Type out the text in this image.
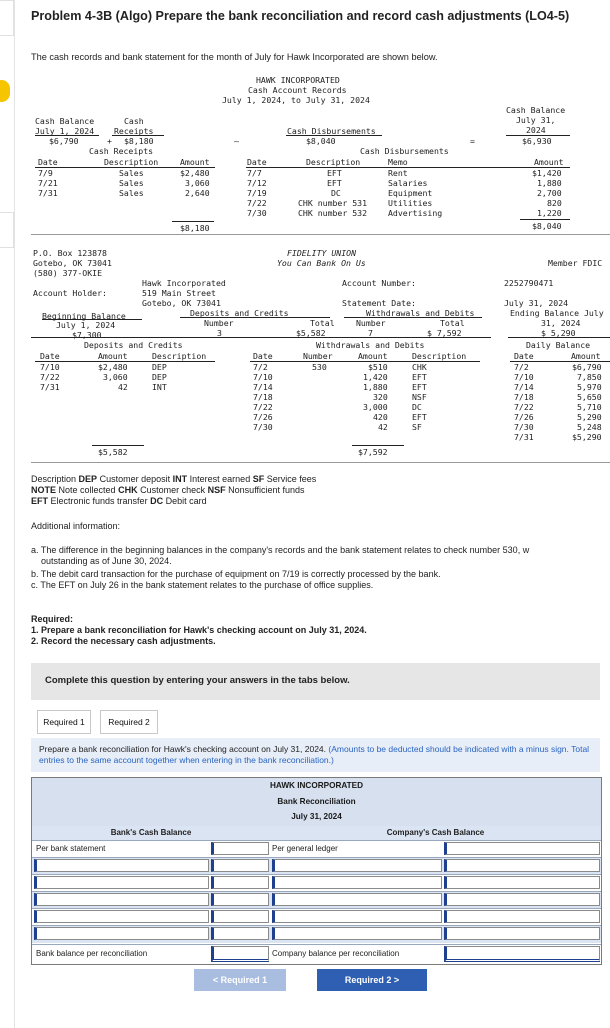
Problem 4-3B (Algo) Prepare the bank reconciliation and record cash adjustments (LO4-5)
The cash records and bank statement for the month of July for Hawk Incorporated are shown below.
HAWK INCORPORATED
Cash Account Records
July 1, 2024, to July 31, 2024
Cash Balance
July 1, 2024
$6,790
Cash
Receipts
+ $8,180	–
Cash Disbursements
$8,040	=
Cash Balance
July 31,
2024
$6,930
Cash Receipts	Cash Disbursements
Date	Description	Amount
7/9	Sales	$2,480
7/21	Sales	3,060
7/31	Sales	2,640
$8,180
Date	Description	Memo	Amount
7/7	EFT	Rent	$1,420
7/12	EFT	Salaries	1,880
7/19	DC	Equipment	2,700
7/22	CHK number 531	Utilities	820
7/30	CHK number 532	Advertising	1,220
$8,040
P.O. Box 123878
Gotebo, OK 73041
(580) 377-OKIE
FIDELITY UNION
You Can Bank On Us	Member FDIC
Account Holder:
Hawk Incorporated
519 Main Street
Gotebo, OK 73041
Account Number:	2252790471
Statement Date:	July 31, 2024
Beginning Balance
July 1, 2024
$7,300
Deposits and Credits
Number
3
Total
$5,582
Withdrawals and Debits
Number
7
Total
$ 7,592
Ending Balance July
31, 2024
$ 5,290
Deposits and Credits	Withdrawals and Debits	Daily Balance
Date	Amount	Description
7/10	$2,480	DEP
7/22	3,060	DEP
7/31	42	INT
$5,582
Date	Number	Amount	Description
7/2	530	$510	CHK
7/10	1,420	EFT
7/14	1,880	EFT
7/18	320	NSF
7/22	3,000	DC
7/26	420	EFT
7/30	42	SF
$7,592
Date	Amount
7/2	$6,790
7/10	7,850
7/14	5,970
7/18	5,650
7/22	5,710
7/26	5,290
7/30	5,248
7/31	$5,290
Description DEP Customer deposit INT Interest earned SF Service fees
NOTE Note collected CHK Customer check NSF Nonsufficient funds
EFT Electronic funds transfer DC Debit card
Additional information:
a. The difference in the beginning balances in the company's records and the bank statement relates to check number 530, w
outstanding as of June 30, 2024.
b. The debit card transaction for the purchase of equipment on 7/19 is correctly processed by the bank.
c. The EFT on July 26 in the bank statement relates to the purchase of office supplies.
Required:
1. Prepare a bank reconciliation for Hawk's checking account on July 31, 2024.
2. Record the necessary cash adjustments.
Complete this question by entering your answers in the tabs below.
Required 1	Required 2
Prepare a bank reconciliation for Hawk's checking account on July 31, 2024. (Amounts to be deducted should be indicated with a minus sign. Total entries to the same account together when entering in the bank reconciliation.)
HAWK INCORPORATED
Bank Reconciliation
July 31, 2024
Bank's Cash Balance	Company's Cash Balance
Per bank statement	Per general ledger
Bank balance per reconciliation	Company balance per reconciliation
< Required 1	Required 2 >
